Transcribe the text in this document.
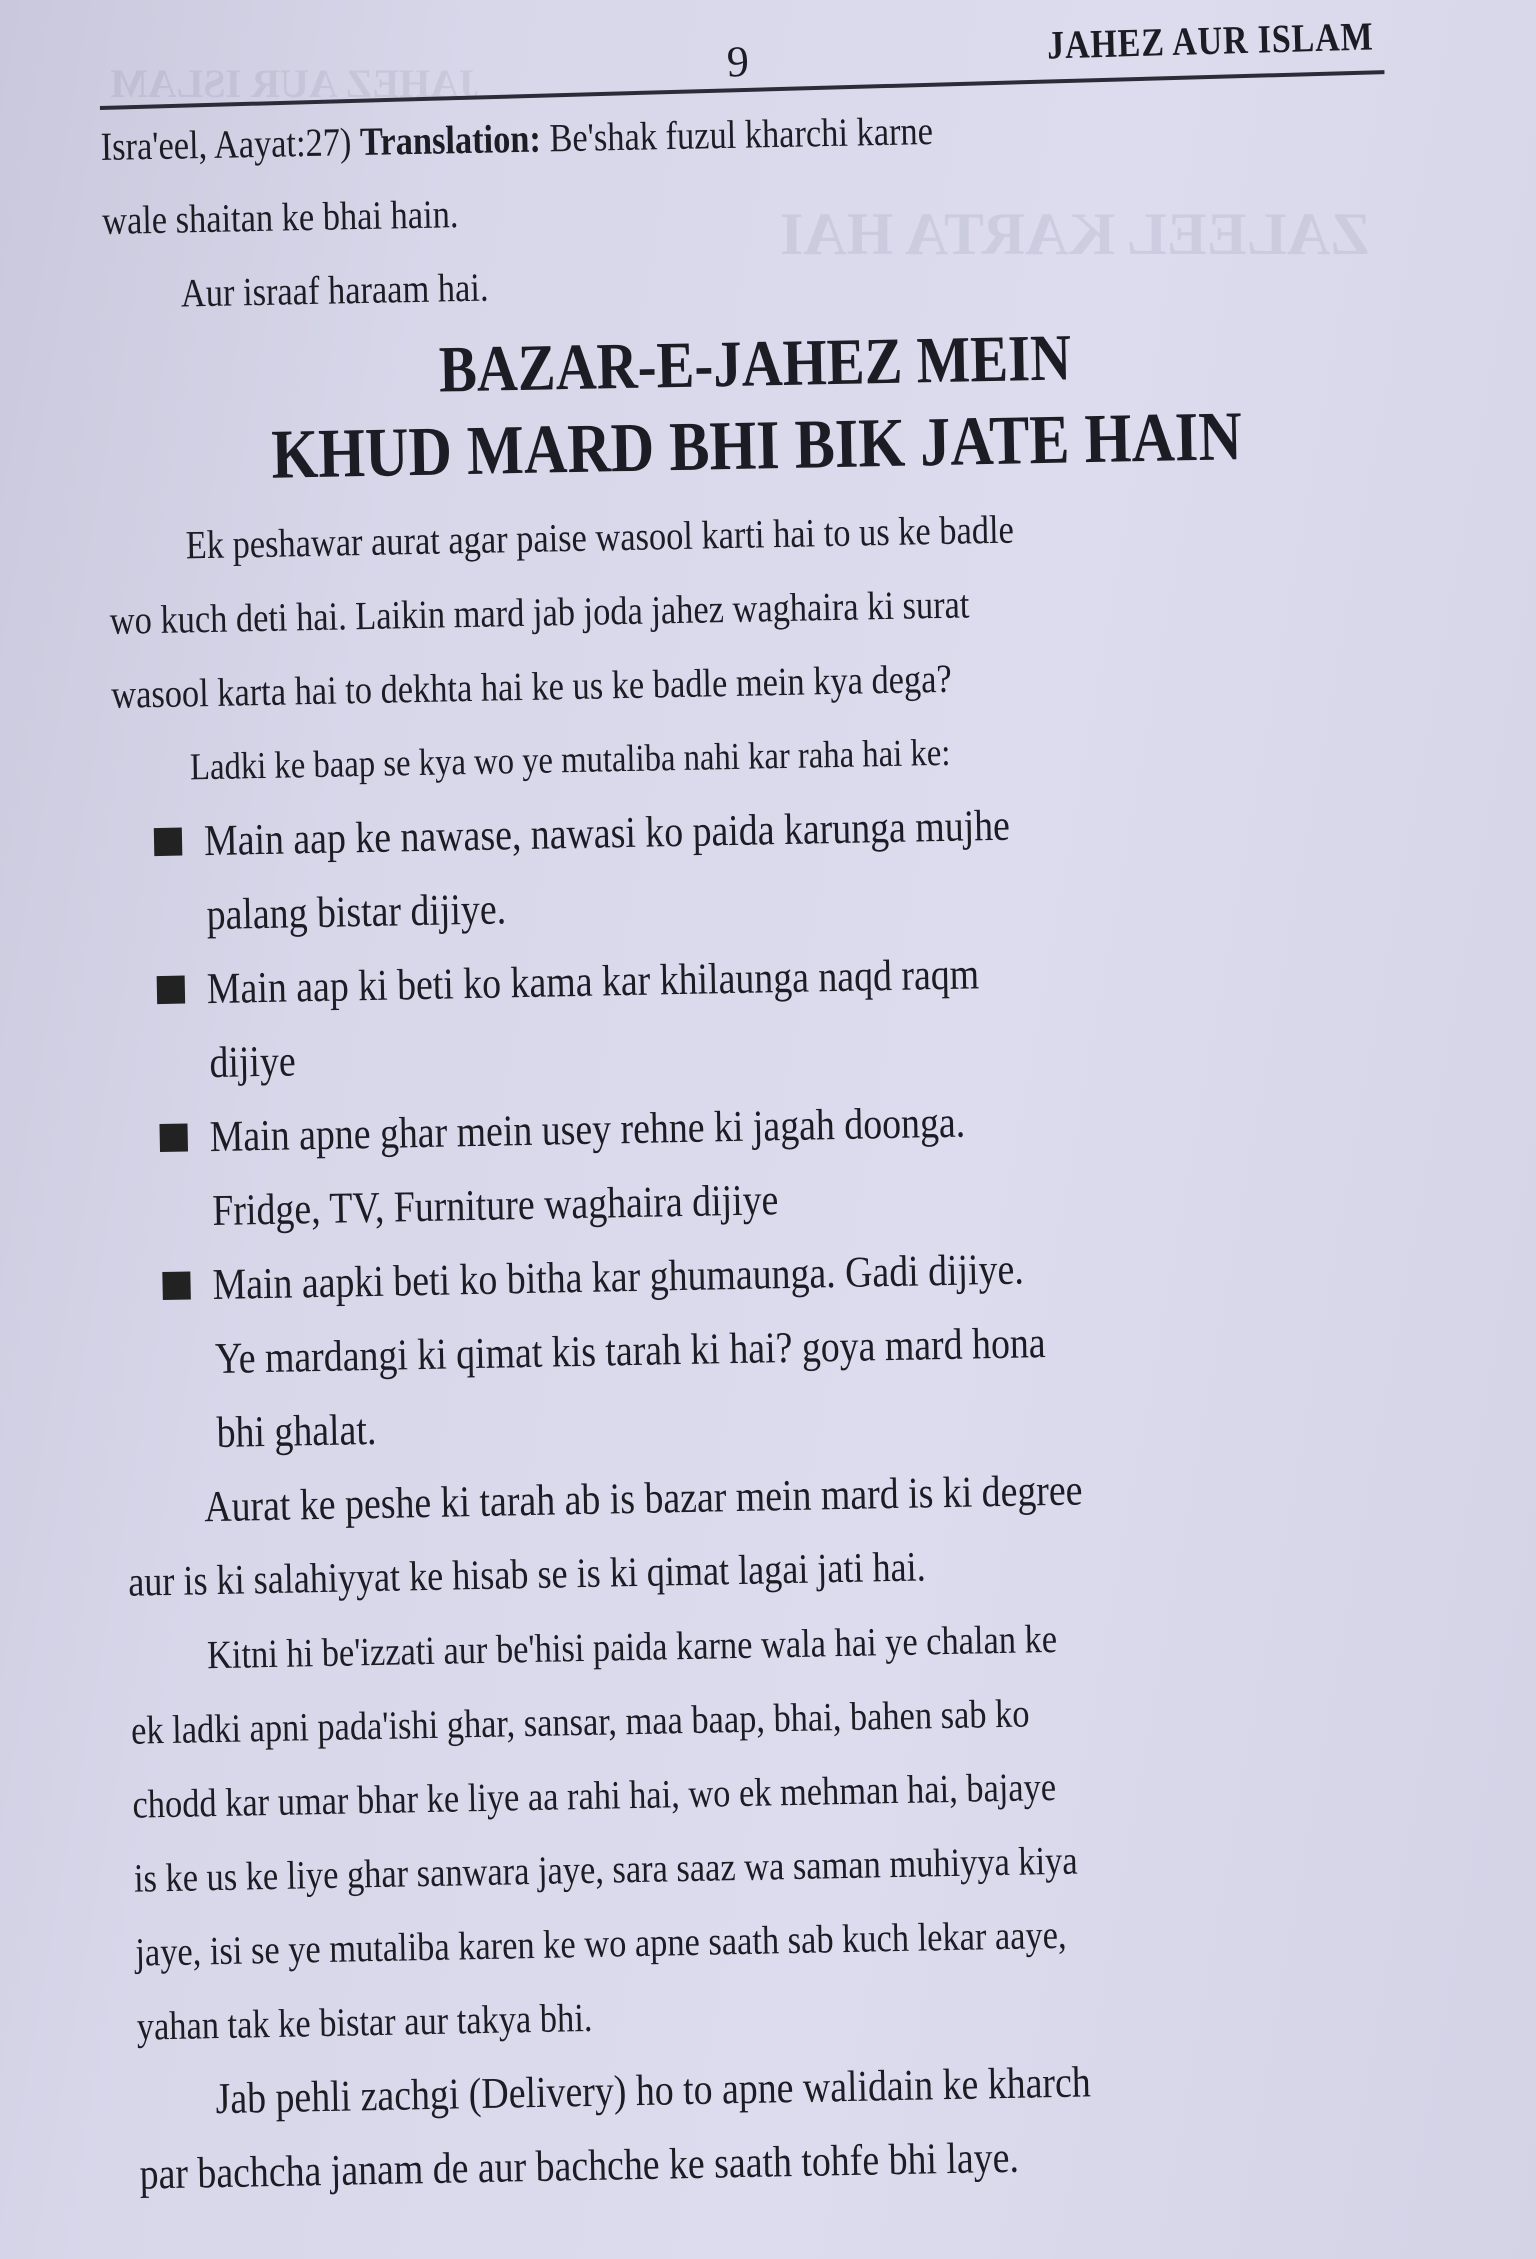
JAHEZ AUR ISLAM
ZALEEL KARTA HAI
9	JAHEZ AUR ISLAM
Isra'eel, Aayat:27) Translation: Be'shak fuzul kharchi karne
wale shaitan ke bhai hain.
Aur israaf haraam hai.
BAZAR-E-JAHEZ MEIN
KHUD MARD BHI BIK JATE HAIN
Ek peshawar aurat agar paise wasool karti hai to us ke badle
wo kuch deti hai. Laikin mard jab joda jahez waghaira ki surat
wasool karta hai to dekhta hai ke us ke badle mein kya dega?
Ladki ke baap se kya wo ye mutaliba nahi kar raha hai ke:
Main aap ke nawase, nawasi ko paida karunga mujhe
palang bistar dijiye.
Main aap ki beti ko kama kar khilaunga naqd raqm
dijiye
Main apne ghar mein usey rehne ki jagah doonga.
Fridge, TV, Furniture waghaira dijiye
Main aapki beti ko bitha kar ghumaunga. Gadi dijiye.
Ye mardangi ki qimat kis tarah ki hai? goya mard hona
bhi ghalat.
Aurat ke peshe ki tarah ab is bazar mein mard is ki degree
aur is ki salahiyyat ke hisab se is ki qimat lagai jati hai.
Kitni hi be'izzati aur be'hisi paida karne wala hai ye chalan ke
ek ladki apni pada'ishi ghar, sansar, maa baap, bhai, bahen sab ko
chodd kar umar bhar ke liye aa rahi hai, wo ek mehman hai, bajaye
is ke us ke liye ghar sanwara jaye, sara saaz wa saman muhiyya kiya
jaye, isi se ye mutaliba karen ke wo apne saath sab kuch lekar aaye,
yahan tak ke bistar aur takya bhi.
Jab pehli zachgi (Delivery) ho to apne walidain ke kharch
par bachcha janam de aur bachche ke saath tohfe bhi laye.
